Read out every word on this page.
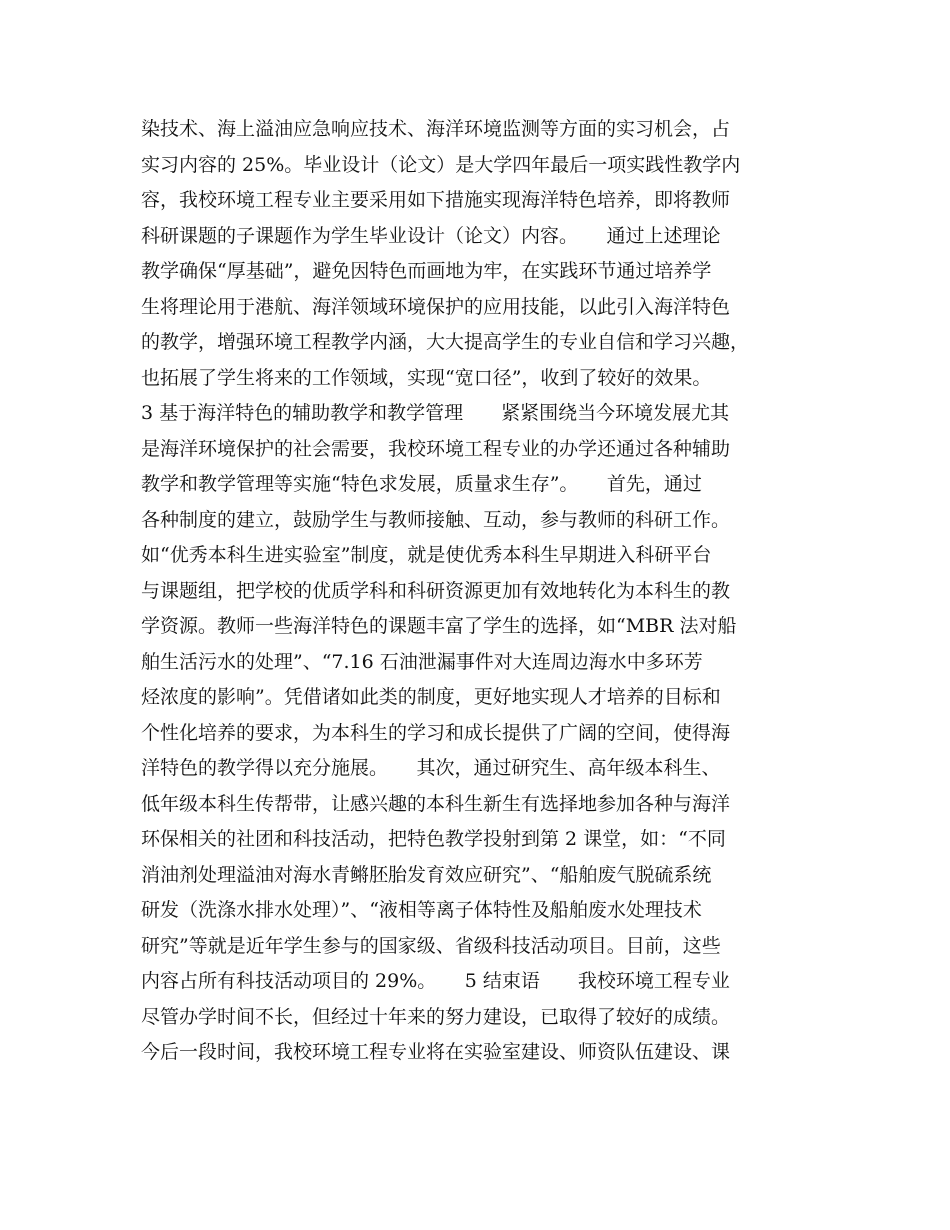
染技术、海上溢油应急响应技术、海洋环境监测等方面的实习机会，占
实习内容的 25%。毕业设计（论文）是大学四年最后一项实践性教学内
容，我校环境工程专业主要采用如下措施实现海洋特色培养，即将教师
科研课题的子课题作为学生毕业设计（论文）内容。　　通过上述理论
教学确保“厚基础”，避免因特色而画地为牢，在实践环节通过培养学
生将理论用于港航、海洋领域环境保护的应用技能，以此引入海洋特色
的教学，增强环境工程教学内涵，大大提高学生的专业自信和学习兴趣，
也拓展了学生将来的工作领域，实现“宽口径”，收到了较好的效果。
3 基于海洋特色的辅助教学和教学管理　　紧紧围绕当今环境发展尤其
是海洋环境保护的社会需要，我校环境工程专业的办学还通过各种辅助
教学和教学管理等实施“特色求发展，质量求生存”。　　首先，通过
各种制度的建立，鼓励学生与教师接触、互动，参与教师的科研工作。
如“优秀本科生进实验室”制度，就是使优秀本科生早期进入科研平台
与课题组，把学校的优质学科和科研资源更加有效地转化为本科生的教
学资源。教师一些海洋特色的课题丰富了学生的选择，如“MBR 法对船
舶生活污水的处理”、“7.16 石油泄漏事件对大连周边海水中多环芳
烃浓度的影响”。凭借诸如此类的制度，更好地实现人才培养的目标和
个性化培养的要求，为本科生的学习和成长提供了广阔的空间，使得海
洋特色的教学得以充分施展。　　其次，通过研究生、高年级本科生、
低年级本科生传帮带，让感兴趣的本科生新生有选择地参加各种与海洋
环保相关的社团和科技活动，把特色教学投射到第 2 课堂，如：“不同
消油剂处理溢油对海水青鳉胚胎发育效应研究”、“船舶废气脱硫系统
研发（洗涤水排水处理）”、“液相等离子体特性及船舶废水处理技术
研究”等就是近年学生参与的国家级、省级科技活动项目。目前，这些
内容占所有科技活动项目的 29%。　　5 结束语　　我校环境工程专业
尽管办学时间不长，但经过十年来的努力建设，已取得了较好的成绩。
今后一段时间，我校环境工程专业将在实验室建设、师资队伍建设、课
